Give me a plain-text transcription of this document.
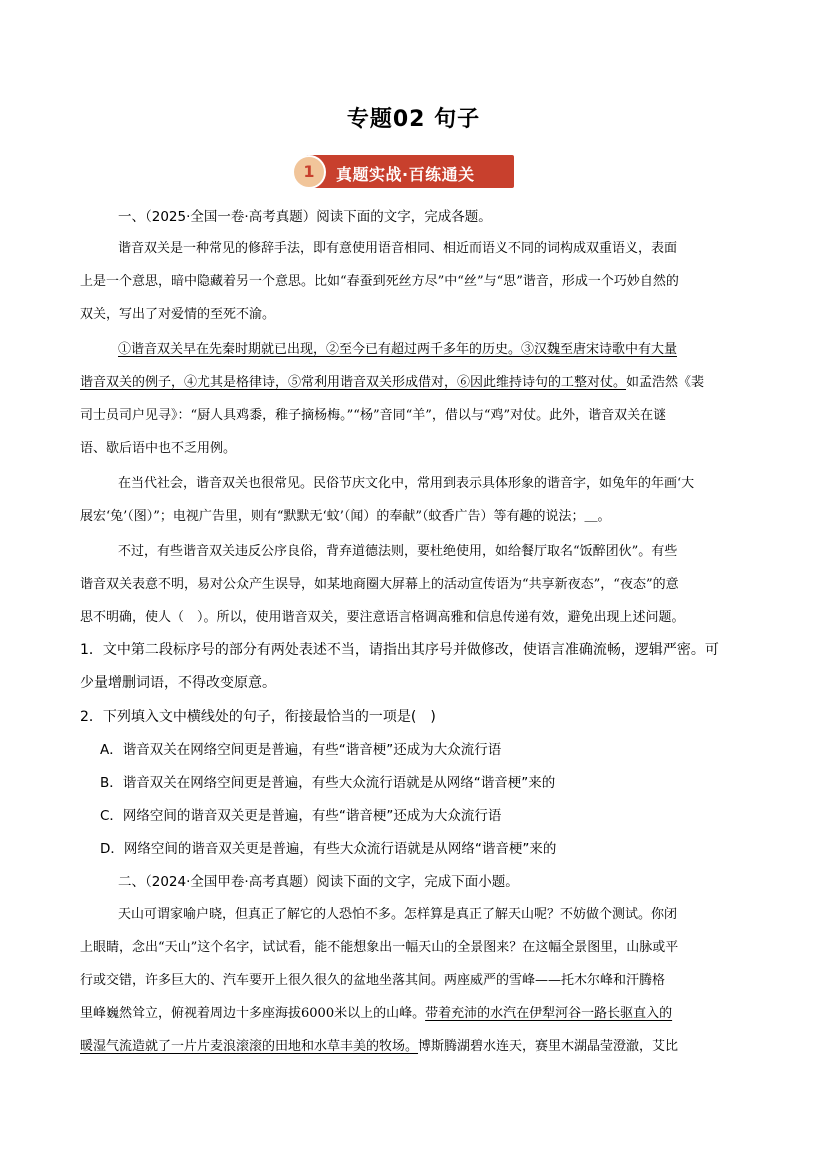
专题02 句子
1	真题实战·百练通关
一、（2025·全国一卷·高考真题）阅读下面的文字，完成各题。
谐音双关是一种常见的修辞手法，即有意使用语音相同、相近而语义不同的词构成双重语义，表面
上是一个意思，暗中隐藏着另一个意思。比如“春蚕到死丝方尽”中“丝”与“思”谐音，形成一个巧妙自然的
双关，写出了对爱情的至死不渝。
①谐音双关早在先秦时期就已出现，②至今已有超过两千多年的历史。③汉魏至唐宋诗歌中有大量
谐音双关的例子，④尤其是格律诗，⑤常利用谐音双关形成借对，⑥因此维持诗句的工整对仗。如孟浩然《裴
司士员司户见寻》：“厨人具鸡黍，稚子摘杨梅。”“杨”音同“羊”，借以与“鸡”对仗。此外，谐音双关在谜
语、歇后语中也不乏用例。
在当代社会，谐音双关也很常见。民俗节庆文化中，常用到表示具体形象的谐音字，如兔年的年画‘大
展宏‘兔’（图）”；电视广告里，则有“默默无‘蚊’（闻）的奉献”（蚊香广告）等有趣的说法；＿。
不过，有些谐音双关违反公序良俗，背弃道德法则，要杜绝使用，如给餐厅取名“饭醉团伙”。有些
谐音双关表意不明，易对公众产生误导，如某地商圈大屏幕上的活动宣传语为“共享新夜态”，“夜态”的意
思不明确，使人（　）。所以，使用谐音双关，要注意语言格调高雅和信息传递有效，避免出现上述问题。
1．文中第二段标序号的部分有两处表述不当，请指出其序号并做修改，使语言准确流畅，逻辑严密。可
少量增删词语，不得改变原意。
2．下列填入文中横线处的句子，衔接最恰当的一项是(　)
A．谐音双关在网络空间更是普遍，有些“谐音梗”还成为大众流行语
B．谐音双关在网络空间更是普遍，有些大众流行语就是从网络“谐音梗”来的
C．网络空间的谐音双关更是普遍，有些“谐音梗”还成为大众流行语
D．网络空间的谐音双关更是普遍，有些大众流行语就是从网络“谐音梗”来的
二、（2024·全国甲卷·高考真题）阅读下面的文字，完成下面小题。
天山可谓家喻户晓，但真正了解它的人恐怕不多。怎样算是真正了解天山呢？不妨做个测试。你闭
上眼睛，念出“天山”这个名字，试试看，能不能想象出一幅天山的全景图来？在这幅全景图里，山脉或平
行或交错，许多巨大的、汽车要开上很久很久的盆地坐落其间。两座威严的雪峰——托木尔峰和汗腾格
里峰巍然耸立，俯视着周边十多座海拔6000米以上的山峰。带着充沛的水汽在伊犁河谷一路长驱直入的
暖湿气流造就了一片片麦浪滚滚的田地和水草丰美的牧场。博斯腾湖碧水连天，赛里木湖晶莹澄澈，艾比
